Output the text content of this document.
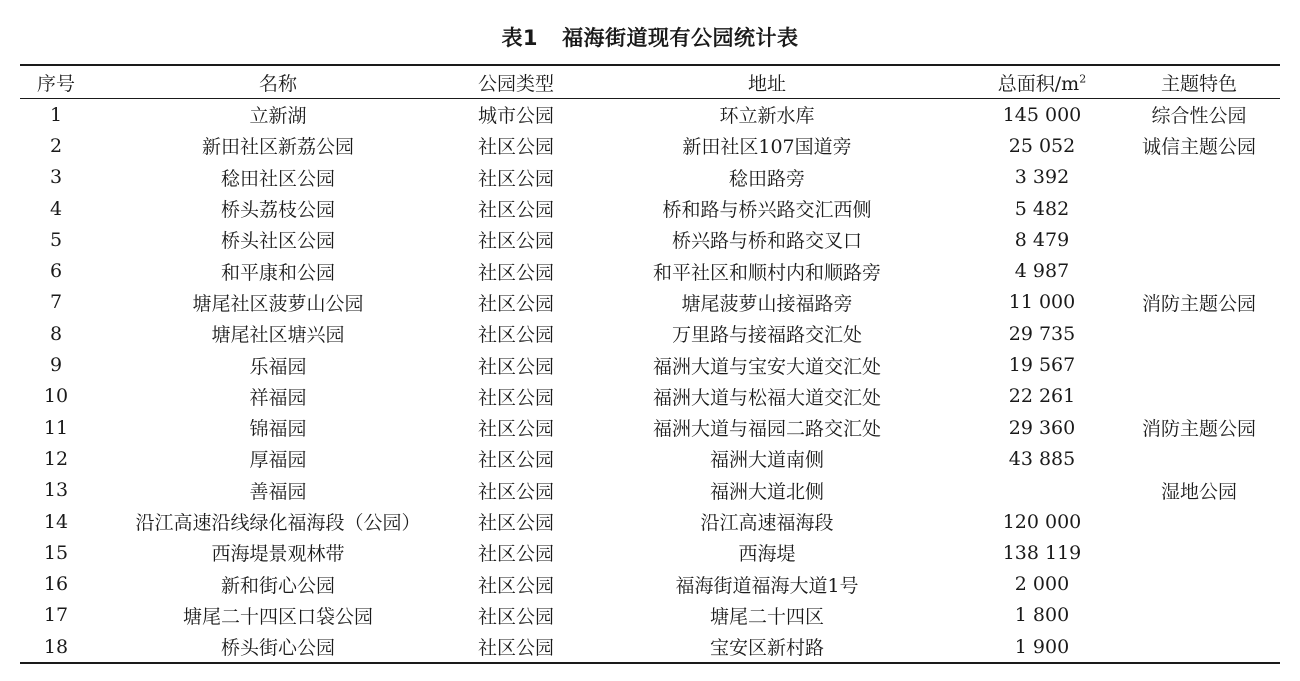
表1 福海街道现有公园统计表
序号	名称	公园类型	地址	总面积$/m^2$	主题特色
1	立新湖	城市公园	环立新水库	145 000	综合性公园
2	新田社区新荔公园	社区公园	新田社区107国道旁	25 052	诚信主题公园
3	稔田社区公园	社区公园	稔田路旁	3 392	
4	桥头荔枝公园	社区公园	桥和路与桥兴路交汇西侧	5 482	
5	桥头社区公园	社区公园	桥兴路与桥和路交叉口	8 479	
6	和平康和公园	社区公园	和平社区和顺村内和顺路旁	4 987	
7	塘尾社区菠萝山公园	社区公园	塘尾菠萝山接福路旁	11 000	消防主题公园
8	塘尾社区塘兴园	社区公园	万里路与接福路交汇处	29 735	
9	乐福园	社区公园	福洲大道与宝安大道交汇处	19 567	
10	祥福园	社区公园	福洲大道与松福大道交汇处	22 261	
11	锦福园	社区公园	福洲大道与福园二路交汇处	29 360	消防主题公园
12	厚福园	社区公园	福洲大道南侧	43 885	
13	善福园	社区公园	福洲大道北侧		湿地公园
14	沿江高速沿线绿化福海段（公园）	社区公园	沿江高速福海段	120 000	
15	西海堤景观林带	社区公园	西海堤	138 119	
16	新和街心公园	社区公园	福海街道福海大道1号	2 000	
17	塘尾二十四区口袋公园	社区公园	塘尾二十四区	1 800	
18	桥头街心公园	社区公园	宝安区新村路	1 900	
